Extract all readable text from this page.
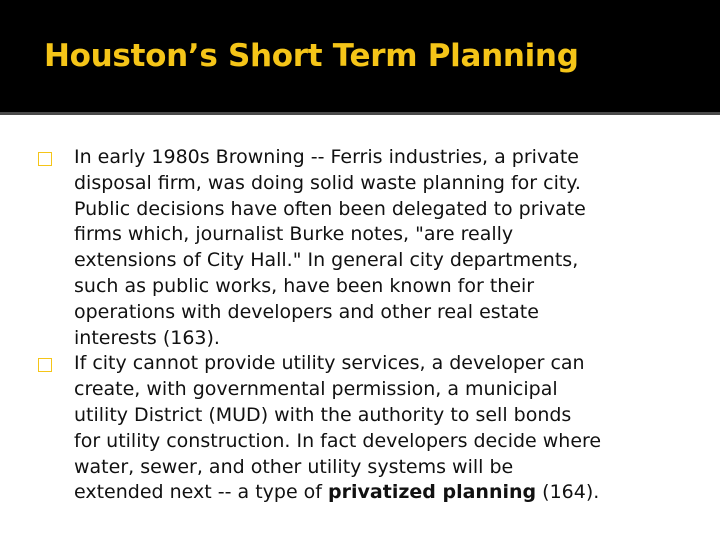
Houston’s Short Term Planning
In early 1980s Browning -- Ferris industries, a private
disposal firm, was doing solid waste planning for city.
Public decisions have often been delegated to private
firms which, journalist Burke notes, "are really
extensions of City Hall." In general city departments,
such as public works, have been known for their
operations with developers and other real estate
interests (163).
If city cannot provide utility services, a developer can
create, with governmental permission, a municipal
utility District (MUD) with the authority to sell bonds
for utility construction. In fact developers decide where
water, sewer, and other utility systems will be
extended next -- a type of privatized planning (164).
